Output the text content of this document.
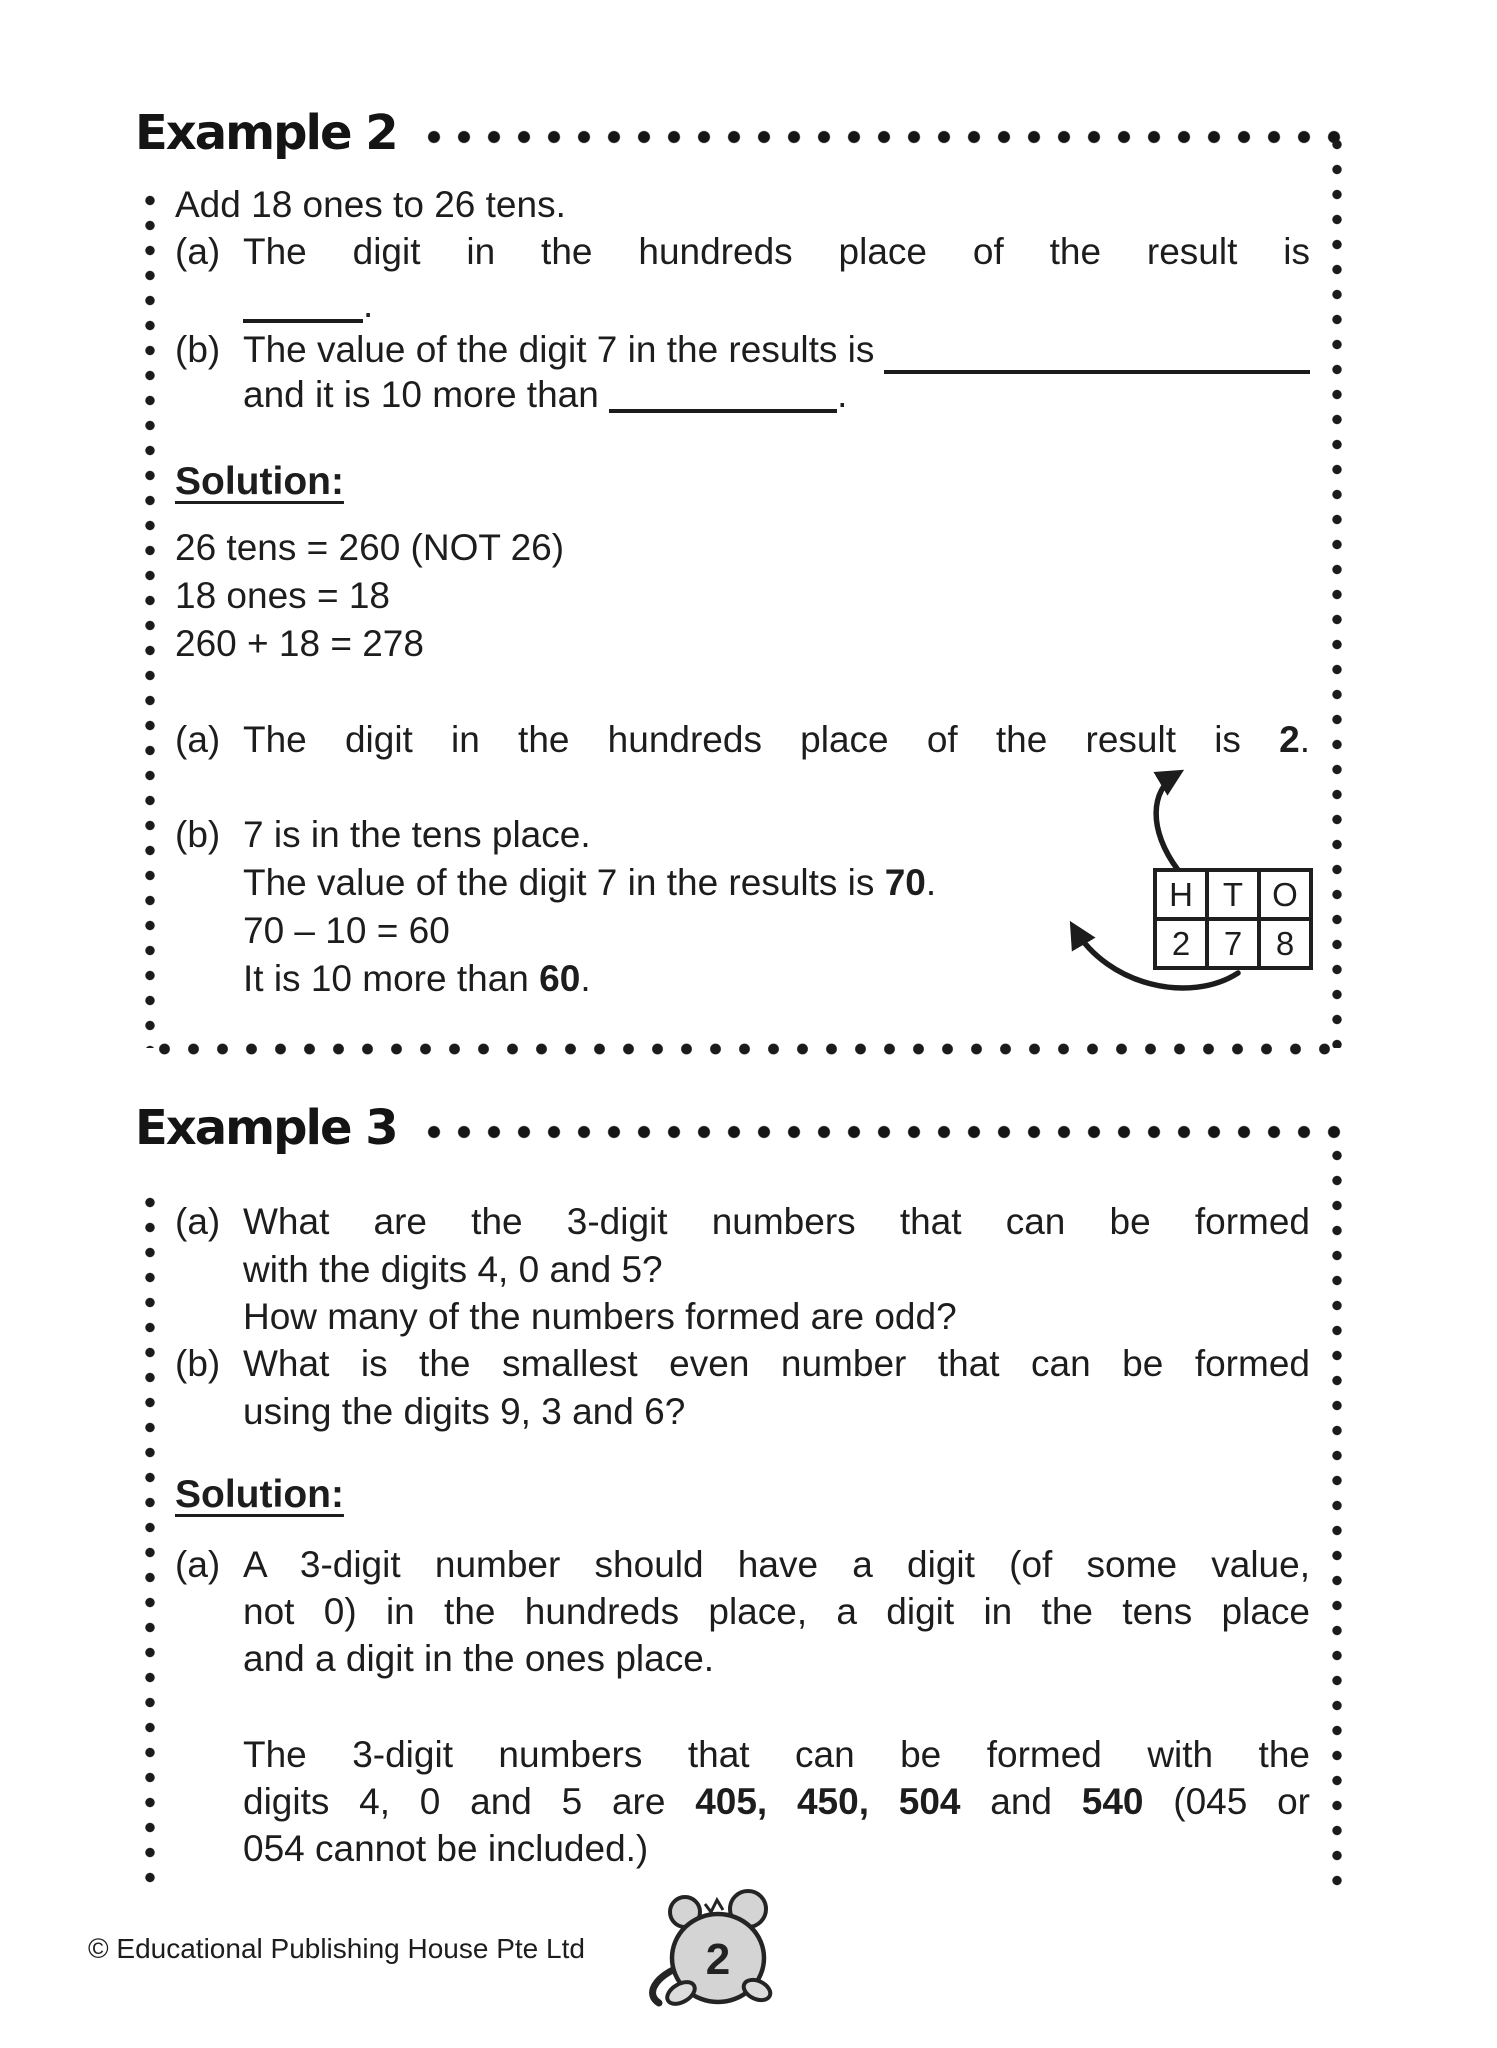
Example 2
Add 18 ones to 26 tens.
(a) The digit in the hundreds place of the result is
.
(b) The value of the digit 7 in the results is
and it is 10 more than	.
Solution:
26 tens = 260 (NOT 26)
18 ones = 18
260 + 18 = 278
(a) The digit in the hundreds place of the result is 2.
(b) 7 is in the tens place.
The value of the digit 7 in the results is 70.
70 – 10 = 60
It is 10 more than 60.
H	T	O
2	7	8
Example 3
(a) What are the 3-digit numbers that can be formed
with the digits 4, 0 and 5?
How many of the numbers formed are odd?
(b) What is the smallest even number that can be formed
using the digits 9, 3 and 6?
Solution:
(a) A 3-digit number should have a digit (of some value,
not 0) in the hundreds place, a digit in the tens place
and a digit in the ones place.
The 3-digit numbers that can be formed with the
digits 4, 0 and 5 are 405, 450, 504 and 540 (045 or
054 cannot be included.)
© Educational Publishing House Pte Ltd	2
